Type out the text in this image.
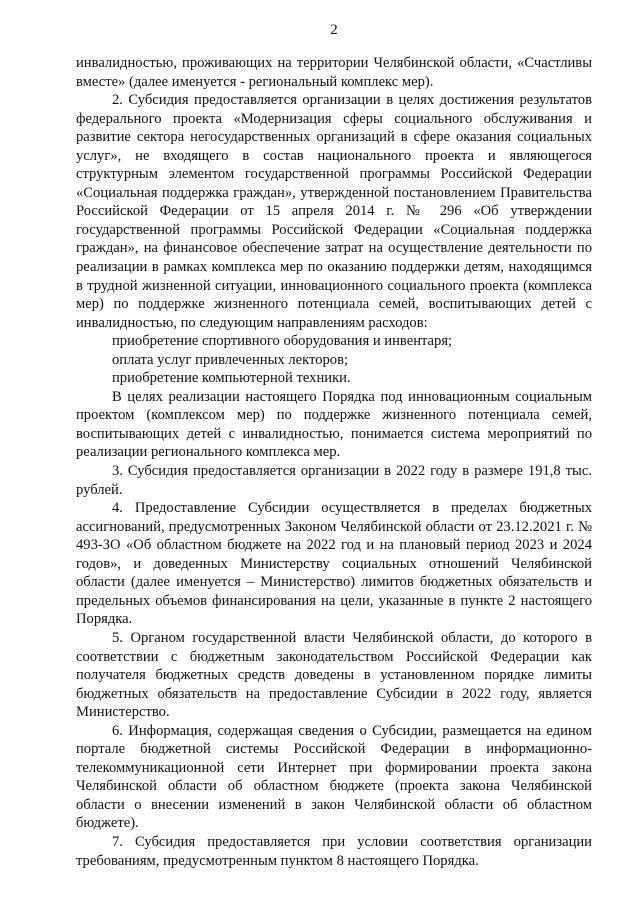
2

инвалидностью, проживающих на территории Челябинской области, «Счастливы вместе» (далее именуется - региональный комплекс мер).

2. Субсидия предоставляется организации в целях достижения результатов федерального проекта «Модернизация сферы социального обслуживания и развитие сектора негосударственных организаций в сфере оказания социальных услуг», не входящего в состав национального проекта и являющегося структурным элементом государственной программы Российской Федерации «Социальная поддержка граждан», утвержденной постановлением Правительства Российской Федерации от 15 апреля 2014 г. № 296 «Об утверждении государственной программы Российской Федерации «Социальная поддержка граждан», на финансовое обеспечение затрат на осуществление деятельности по реализации в рамках комплекса мер по оказанию поддержки детям, находящимся в трудной жизненной ситуации, инновационного социального проекта (комплекса мер) по поддержке жизненного потенциала семей, воспитывающих детей с инвалидностью, по следующим направлениям расходов:

приобретение спортивного оборудования и инвентаря;

оплата услуг привлеченных лекторов;

приобретение компьютерной техники.

В целях реализации настоящего Порядка под инновационным социальным проектом (комплексом мер) по поддержке жизненного потенциала семей, воспитывающих детей с инвалидностью, понимается система мероприятий по реализации регионального комплекса мер.

3. Субсидия предоставляется организации в 2022 году в размере 191,8 тыс. рублей.

4. Предоставление Субсидии осуществляется в пределах бюджетных ассигнований, предусмотренных Законом Челябинской области от 23.12.2021 г. № 493-ЗО «Об областном бюджете на 2022 год и на плановый период 2023 и 2024 годов», и доведенных Министерству социальных отношений Челябинской области (далее именуется – Министерство) лимитов бюджетных обязательств и предельных объемов финансирования на цели, указанные в пункте 2 настоящего Порядка.

5. Органом государственной власти Челябинской области, до которого в соответствии с бюджетным законодательством Российской Федерации как получателя бюджетных средств доведены в установленном порядке лимиты бюджетных обязательств на предоставление Субсидии в 2022 году, является Министерство.

6. Информация, содержащая сведения о Субсидии, размещается на едином портале бюджетной системы Российской Федерации в информационно-телекоммуникационной сети Интернет при формировании проекта закона Челябинской области об областном бюджете (проекта закона Челябинской области о внесении изменений в закон Челябинской области об областном бюджете).

7. Субсидия предоставляется при условии соответствия организации требованиям, предусмотренным пунктом 8 настоящего Порядка.
